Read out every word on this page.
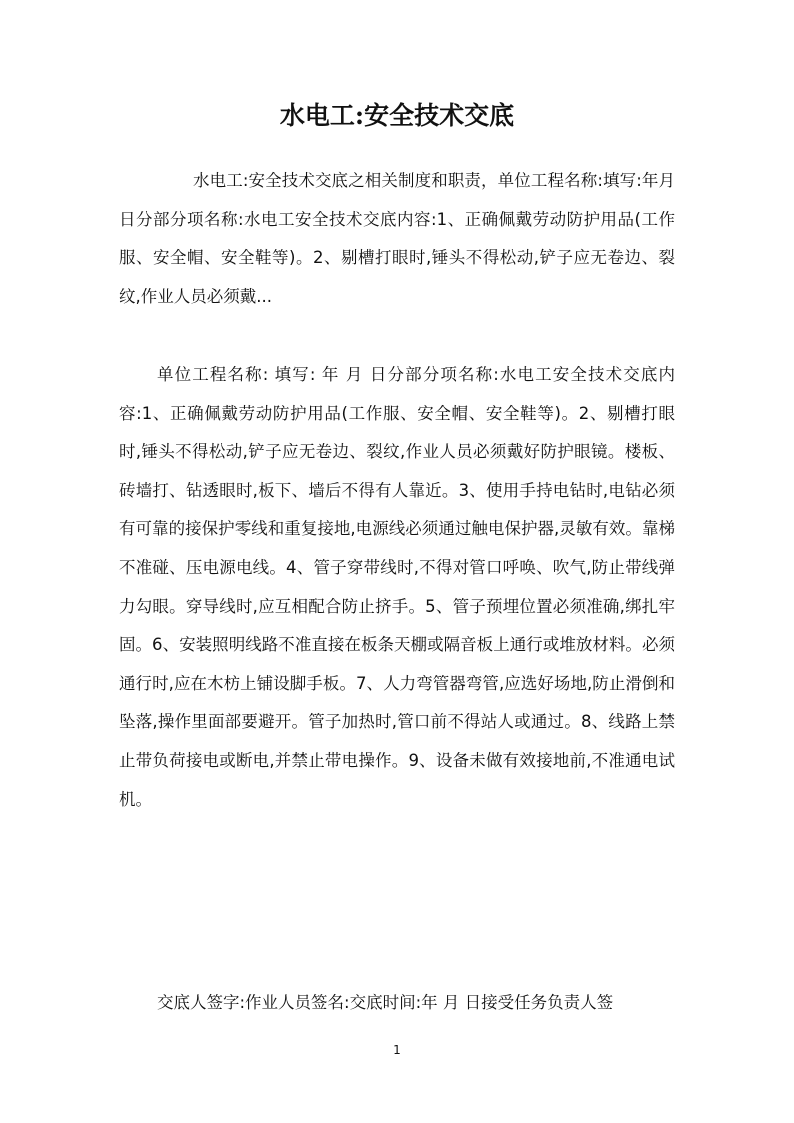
水电工:安全技术交底

水电工:安全技术交底之相关制度和职责，单位工程名称:填写:年月日分部分项名称:水电工安全技术交底内容:1、正确佩戴劳动防护用品(工作服、安全帽、安全鞋等)。2、剔槽打眼时,锤头不得松动,铲子应无卷边、裂纹,作业人员必须戴...

单位工程名称: 填写: 年 月 日分部分项名称:水电工安全技术交底内容:1、正确佩戴劳动防护用品(工作服、安全帽、安全鞋等)。2、剔槽打眼时,锤头不得松动,铲子应无卷边、裂纹,作业人员必须戴好防护眼镜。楼板、砖墙打、钻透眼时,板下、墙后不得有人靠近。3、使用手持电钻时,电钻必须有可靠的接保护零线和重复接地,电源线必须通过触电保护器,灵敏有效。靠梯不准碰、压电源电线。4、管子穿带线时,不得对管口呼唤、吹气,防止带线弹力勾眼。穿导线时,应互相配合防止挤手。5、管子预埋位置必须准确,绑扎牢固。6、安装照明线路不准直接在板条天棚或隔音板上通行或堆放材料。必须通行时,应在木枋上铺设脚手板。7、人力弯管器弯管,应选好场地,防止滑倒和坠落,操作里面部要避开。管子加热时,管口前不得站人或通过。8、线路上禁止带负荷接电或断电,并禁止带电操作。9、设备未做有效接地前,不准通电试机。

交底人签字:作业人员签名:交底时间:年 月 日接受任务负责人签

1
